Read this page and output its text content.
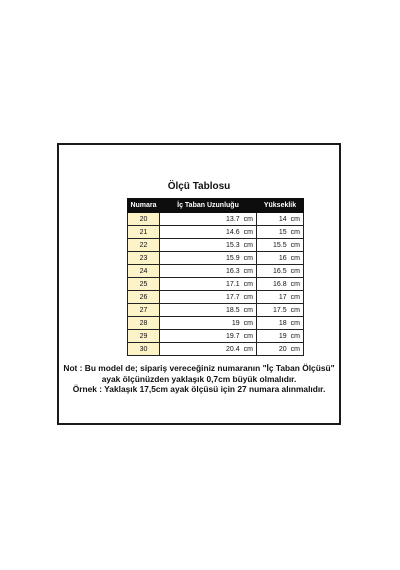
Ölçü Tablosu
Numara	İç Taban Uzunluğu	Yükseklik
20	13.7 cm	14 cm
21	14.6 cm	15 cm
22	15.3 cm	15.5 cm
23	15.9 cm	16 cm
24	16.3 cm	16.5 cm
25	17.1 cm	16.8 cm
26	17.7 cm	17 cm
27	18.5 cm	17.5 cm
28	19 cm	18 cm
29	19.7 cm	19 cm
30	20.4 cm	20 cm
Not : Bu model de; sipariş vereceğiniz numaranın "İç Taban Ölçüsü"
ayak ölçünüzden yaklaşık 0,7cm büyük olmalıdır.
Örnek : Yaklaşık 17,5cm ayak ölçüsü için 27 numara alınmalıdır.
